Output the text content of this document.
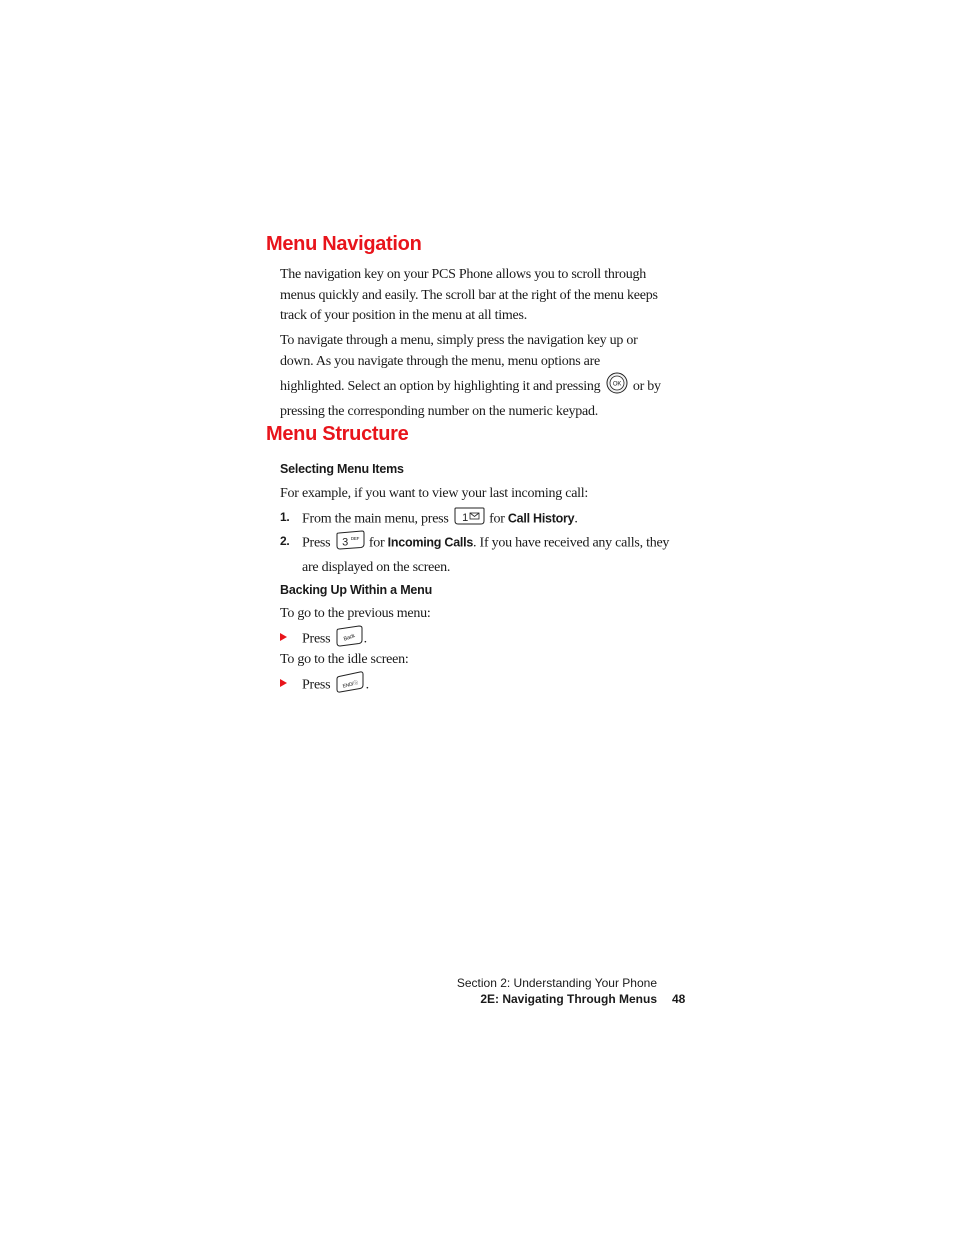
Menu Navigation

The navigation key on your PCS Phone allows you to scroll through menus quickly and easily. The scroll bar at the right of the menu keeps track of your position in the menu at all times.

To navigate through a menu, simply press the navigation key up or down. As you navigate through the menu, menu options are highlighted. Select an option by highlighting it and pressing OK or by pressing the corresponding number on the numeric keypad.
Menu Structure

Selecting Menu Items

For example, if you want to view your last incoming call:

1. From the main menu, press 1 for Call History.
2. Press 3 DEF for Incoming Calls. If you have received any calls, they
are displayed on the screen.

Backing Up Within a Menu

To go to the previous menu:

Press Back .

To go to the idle screen:

Press END/ⓞ .
Section 2: Understanding Your Phone
2E: Navigating Through Menus 48
